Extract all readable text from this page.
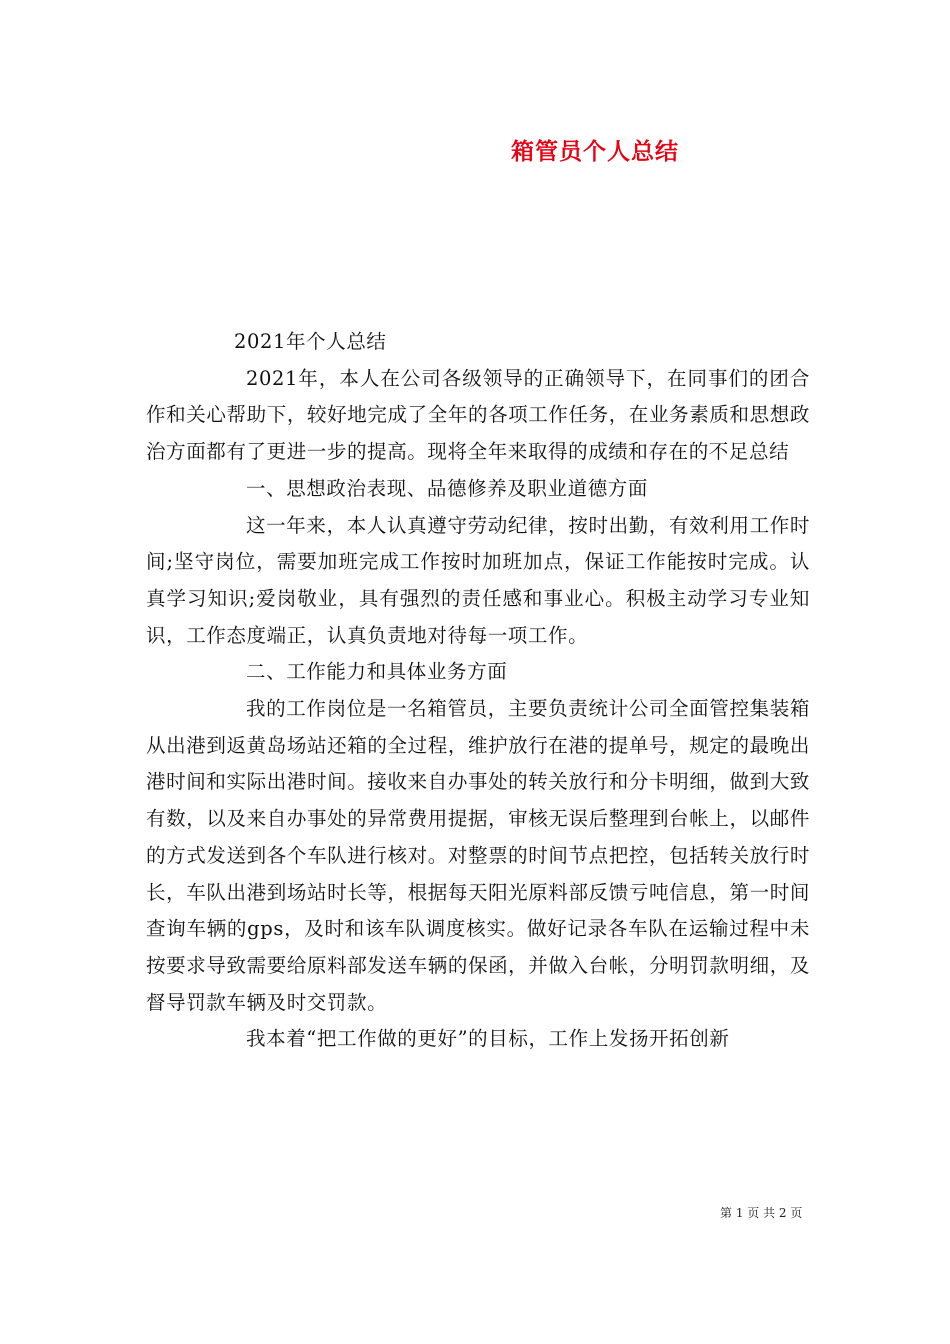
箱管员个人总结

2021年个人总结

2021年，本人在公司各级领导的正确领导下，在同事们的团合作和关心帮助下，较好地完成了全年的各项工作任务，在业务素质和思想政治方面都有了更进一步的提高。现将全年来取得的成绩和存在的不足总结

一、思想政治表现、品德修养及职业道德方面

这一年来，本人认真遵守劳动纪律，按时出勤，有效利用工作时间;坚守岗位，需要加班完成工作按时加班加点，保证工作能按时完成。认真学习知识;爱岗敬业，具有强烈的责任感和事业心。积极主动学习专业知识，工作态度端正，认真负责地对待每一项工作。

二、工作能力和具体业务方面

我的工作岗位是一名箱管员，主要负责统计公司全面管控集装箱从出港到返黄岛场站还箱的全过程，维护放行在港的提单号，规定的最晚出港时间和实际出港时间。接收来自办事处的转关放行和分卡明细，做到大致有数，以及来自办事处的异常费用提据，审核无误后整理到台帐上，以邮件的方式发送到各个车队进行核对。对整票的时间节点把控，包括转关放行时长，车队出港到场站时长等，根据每天阳光原料部反馈亏吨信息，第一时间查询车辆的gps，及时和该车队调度核实。做好记录各车队在运输过程中未按要求导致需要给原料部发送车辆的保函，并做入台帐，分明罚款明细，及督导罚款车辆及时交罚款。

我本着“把工作做的更好”的目标，工作上发扬开拓创新

第 1 页 共 2 页
